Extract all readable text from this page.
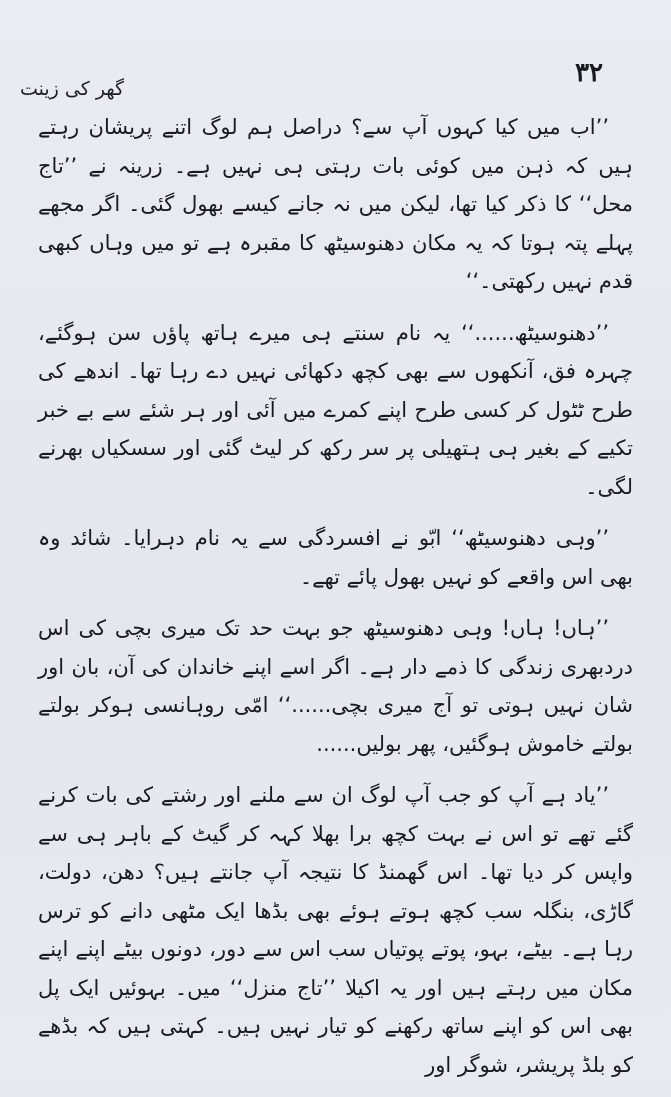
گھر کی زینت
۳۲

’’اب میں کیا کہوں آپ سے؟ دراصل ہم لوگ اتنے پریشان رہتے ہیں کہ ذہن میں کوئی بات رہتی ہی نہیں ہے۔ زرینہ نے ’’تاج محل‘‘ کا ذکر کیا تھا، لیکن میں نہ جانے کیسے بھول گئی۔ اگر مجھے پہلے پتہ ہوتا کہ یہ مکان دھنوسیٹھ کا مقبرہ ہے تو میں وہاں کبھی قدم نہیں رکھتی۔‘‘

’’دھنوسیٹھ......‘‘ یہ نام سنتے ہی میرے ہاتھ پاؤں سن ہوگئے، چہرہ فق، آنکھوں سے بھی کچھ دکھائی نہیں دے رہا تھا۔ اندھے کی طرح ٹٹول کر کسی طرح اپنے کمرے میں آئی اور ہر شئے سے بے خبر تکیے کے بغیر ہی ہتھیلی پر سر رکھ کر لیٹ گئی اور سسکیاں بھرنے لگی۔

’’وہی دھنوسیٹھ‘‘ ابّو نے افسردگی سے یہ نام دہرایا۔ شائد وہ بھی اس واقعے کو نہیں بھول پائے تھے۔

’’ہاں! ہاں! وہی دھنوسیٹھ جو بہت حد تک میری بچی کی اس دردبھری زندگی کا ذمے دار ہے۔ اگر اسے اپنے خاندان کی آن، بان اور شان نہیں ہوتی تو آج میری بچی......‘‘ امّی روہانسی ہوکر بولتے بولتے خاموش ہوگئیں، پھر بولیں......

’’یاد ہے آپ کو جب آپ لوگ ان سے ملنے اور رشتے کی بات کرنے گئے تھے تو اس نے بہت کچھ برا بھلا کہہ کر گیٹ کے باہر ہی سے واپس کر دیا تھا۔ اس گھمنڈ کا نتیجہ آپ جانتے ہیں؟ دھن، دولت، گاڑی، بنگلہ سب کچھ ہوتے ہوئے بھی بڈھا ایک مٹھی دانے کو ترس رہا ہے۔ بیٹے، بہو، پوتے پوتیاں سب اس سے دور، دونوں بیٹے اپنے اپنے مکان میں رہتے ہیں اور یہ اکیلا ’’تاج منزل‘‘ میں۔ بہوئیں ایک پل بھی اس کو اپنے ساتھ رکھنے کو تیار نہیں ہیں۔ کہتی ہیں کہ بڈھے کو بلڈ پریشر، شوگر اور
